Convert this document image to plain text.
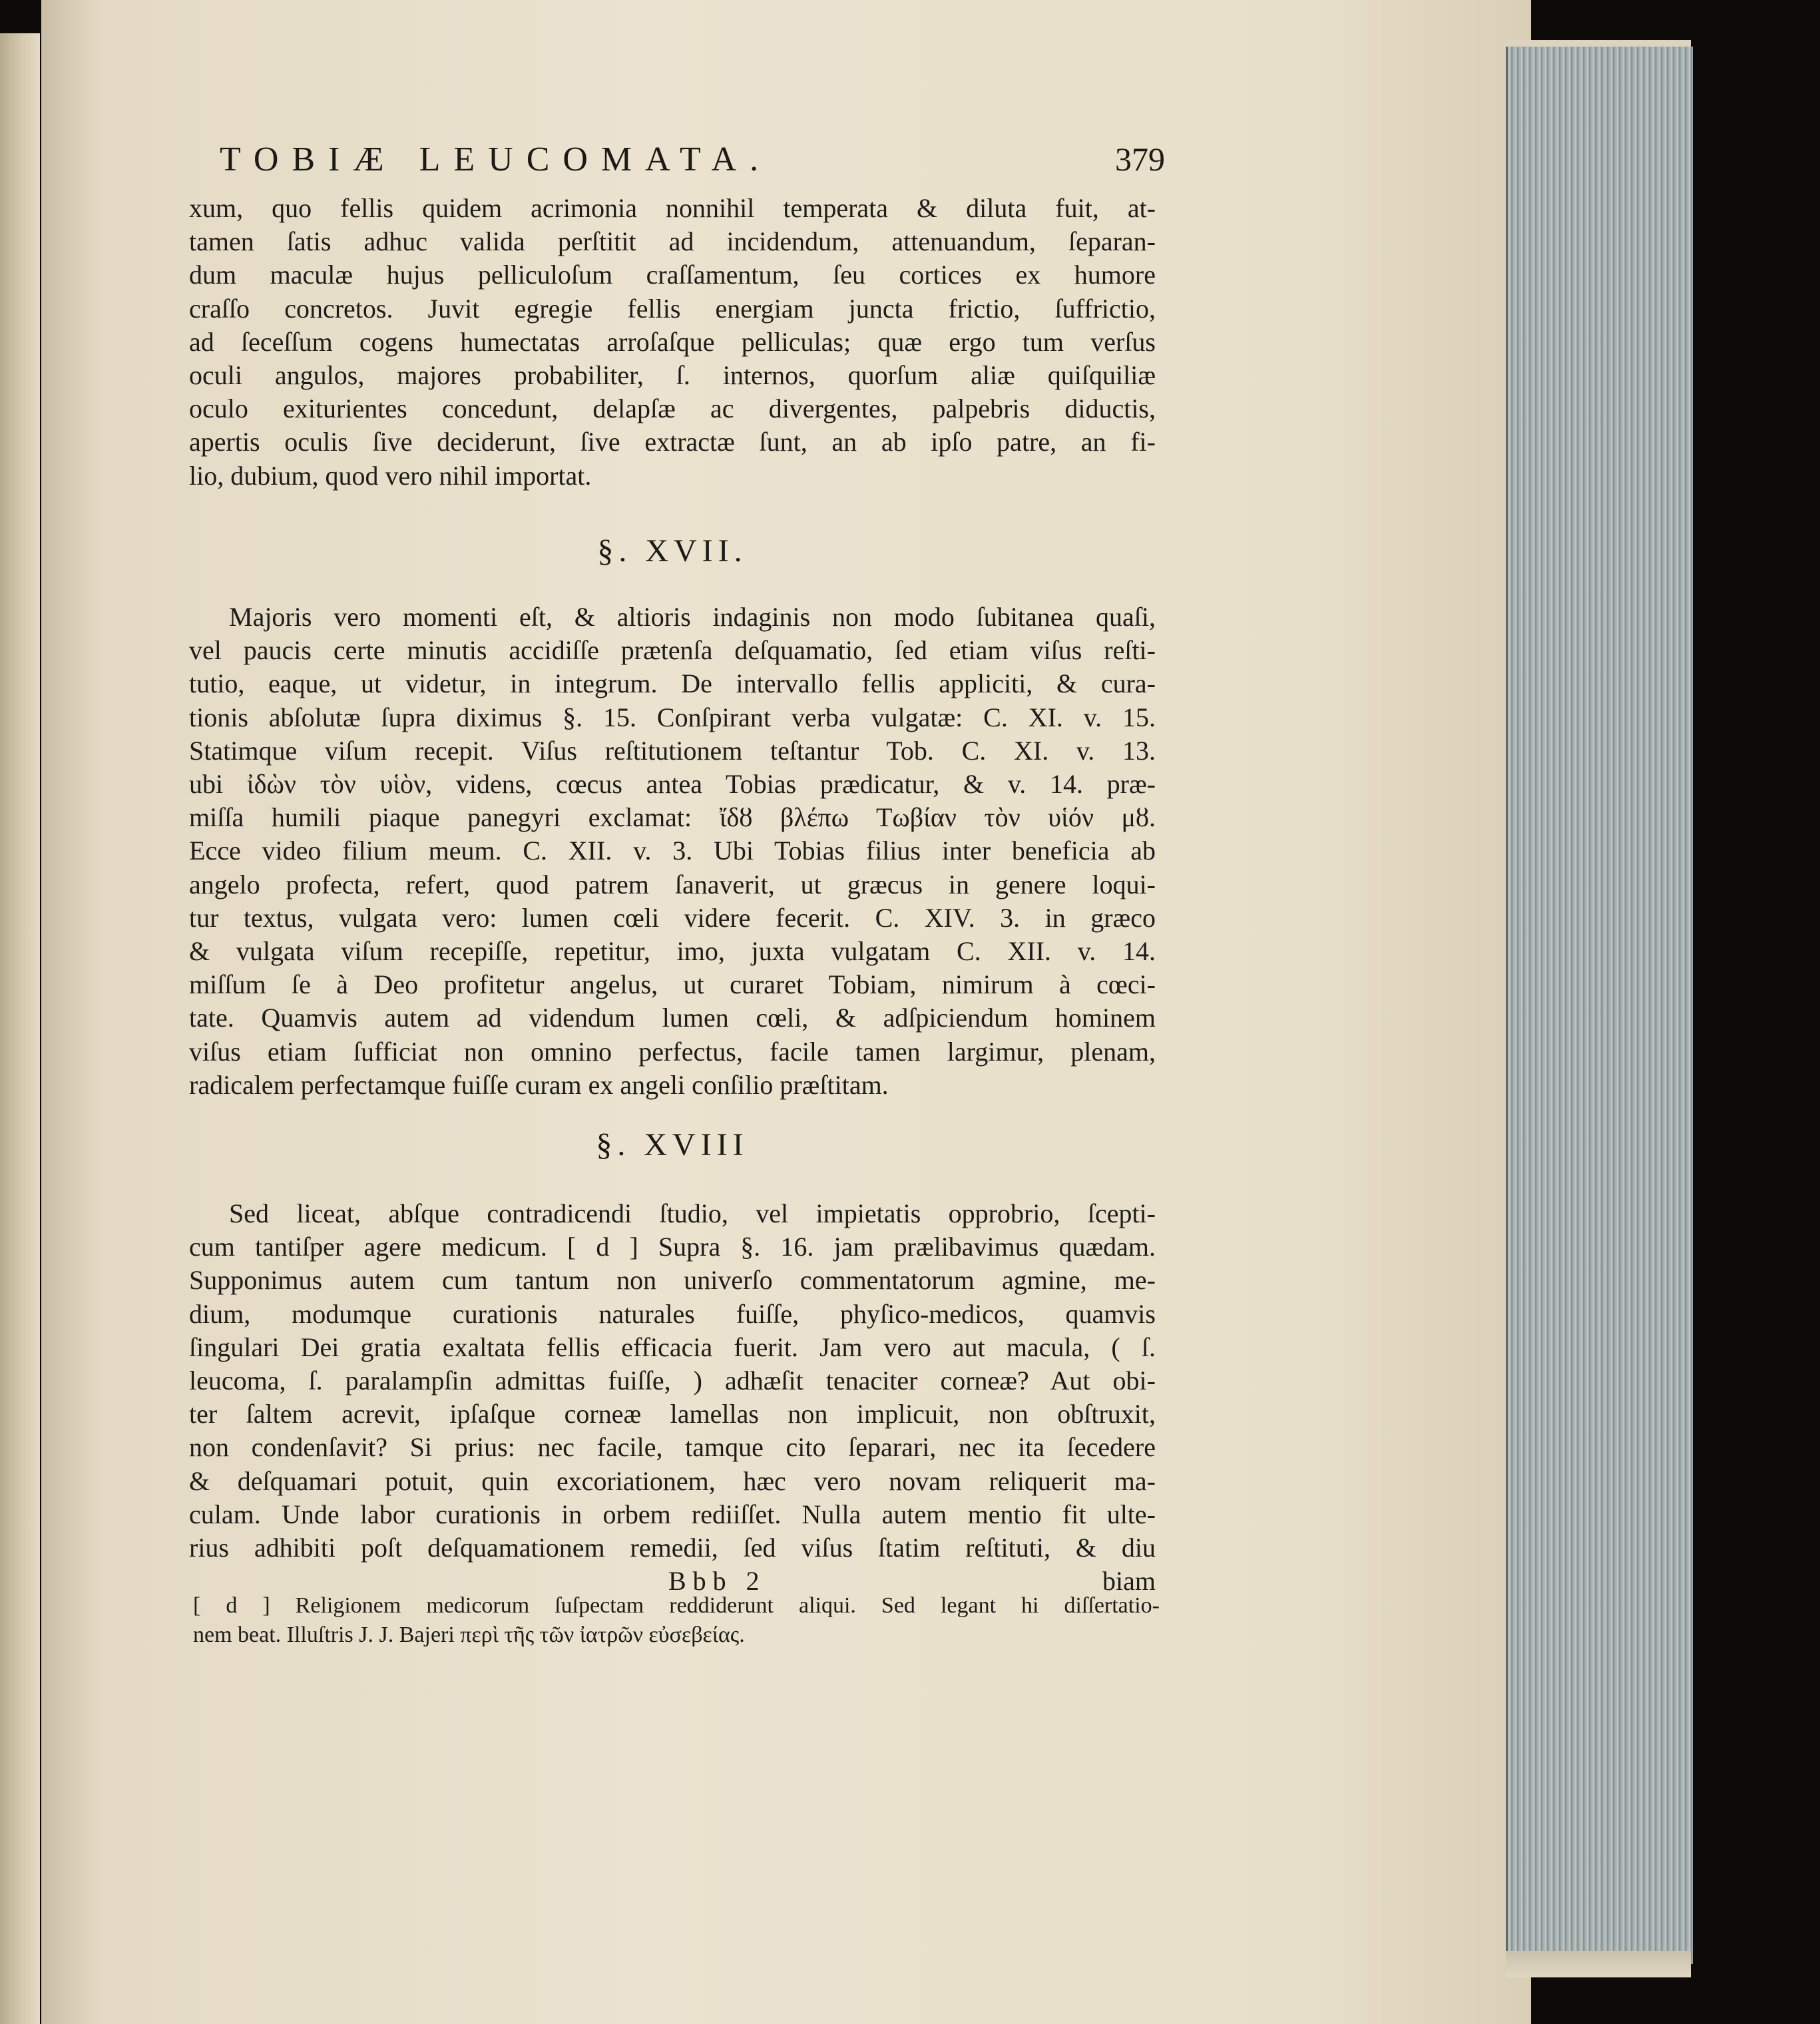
TOBIÆ LEUCOMATA.	379
xum, quo fellis quidem acrimonia nonnihil temperata & diluta fuit, at-
tamen ſatis adhuc valida perſtitit ad incidendum, attenuandum, ſeparan-
dum maculæ hujus pelliculoſum craſſamentum, ſeu cortices ex humore
craſſo concretos. Juvit egregie fellis energiam juncta frictio, ſuffrictio,
ad ſeceſſum cogens humectatas arroſaſque pelliculas; quæ ergo tum verſus
oculi angulos, majores probabiliter, ſ. internos, quorſum aliæ quiſquiliæ
oculo exiturientes concedunt, delapſæ ac divergentes, palpebris diductis,
apertis oculis ſive deciderunt, ſive extractæ ſunt, an ab ipſo patre, an fi-
lio, dubium, quod vero nihil importat.
§. XVII.
Majoris vero momenti eſt, & altioris indaginis non modo ſubitanea quaſi,
vel paucis certe minutis accidiſſe prætenſa deſquamatio, ſed etiam viſus reſti-
tutio, eaque, ut videtur, in integrum. De intervallo fellis appliciti, & cura-
tionis abſolutæ ſupra diximus §. 15. Conſpirant verba vulgatæ: C. XI. v. 15.
Statimque viſum recepit. Viſus reſtitutionem teſtantur Tob. C. XI. v. 13.
ubi ἰδὼν τὸν υἱὸν, videns, cœcus antea Tobias prædicatur, & v. 14. præ-
miſſa humili piaque panegyri exclamat: ἴδȣ βλέπω Τωβίαν τὸν υἱόν μȣ.
Ecce video filium meum. C. XII. v. 3. Ubi Tobias filius inter beneficia ab
angelo profecta, refert, quod patrem ſanaverit, ut græcus in genere loqui-
tur textus, vulgata vero: lumen cœli videre fecerit. C. XIV. 3. in græco
& vulgata viſum recepiſſe, repetitur, imo, juxta vulgatam C. XII. v. 14.
miſſum ſe à Deo profitetur angelus, ut curaret Tobiam, nimirum à cœci-
tate. Quamvis autem ad videndum lumen cœli, & adſpiciendum hominem
viſus etiam ſufficiat non omnino perfectus, facile tamen largimur, plenam,
radicalem perfectamque fuiſſe curam ex angeli conſilio præſtitam.
§. XVIII
Sed liceat, abſque contradicendi ſtudio, vel impietatis opprobrio, ſcepti-
cum tantiſper agere medicum. [ d ] Supra §. 16. jam prælibavimus quædam.
Supponimus autem cum tantum non univerſo commentatorum agmine, me-
dium, modumque curationis naturales fuiſſe, phyſico-medicos, quamvis
ſingulari Dei gratia exaltata fellis efficacia fuerit. Jam vero aut macula, ( ſ.
leucoma, ſ. paralampſin admittas fuiſſe, ) adhæſit tenaciter corneæ? Aut obi-
ter ſaltem acrevit, ipſaſque corneæ lamellas non implicuit, non obſtruxit,
non condenſavit? Si prius: nec facile, tamque cito ſeparari, nec ita ſecedere
& deſquamari potuit, quin excoriationem, hæc vero novam reliquerit ma-
culam. Unde labor curationis in orbem rediiſſet. Nulla autem mentio fit ulte-
rius adhibiti poſt deſquamationem remedii, ſed viſus ſtatim reſtituti, & diu
Bbb 2	biam
[ d ] Religionem medicorum ſuſpectam reddiderunt aliqui. Sed legant hi diſſertatio-
nem beat. Illuſtris J. J. Bajeri περὶ τῆς τῶν ἰατρῶν εὐσεβείας.
